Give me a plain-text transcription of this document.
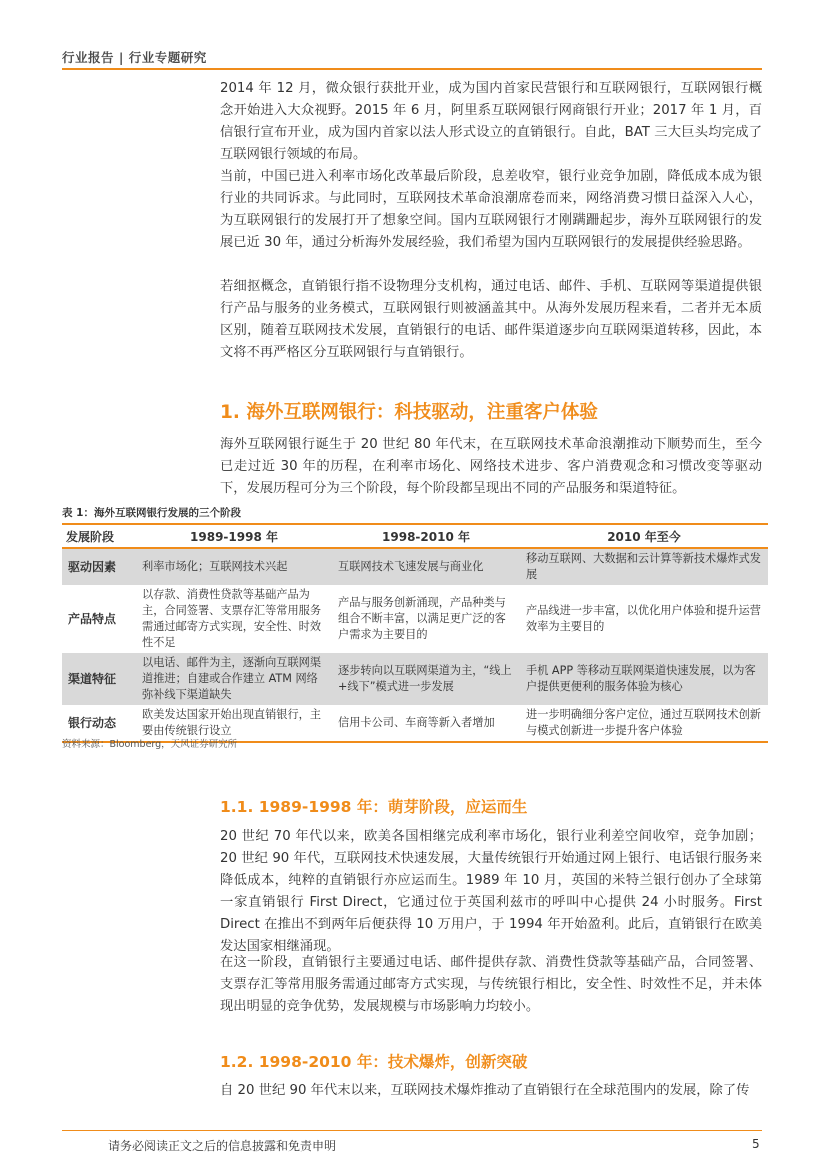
行业报告 | 行业专题研究

2014 年 12 月，微众银行获批开业，成为国内首家民营银行和互联网银行，互联网银行概念开始进入大众视野。2015 年 6 月，阿里系互联网银行网商银行开业；2017 年 1 月，百信银行宣布开业，成为国内首家以法人形式设立的直销银行。自此，BAT 三大巨头均完成了互联网银行领域的布局。

当前，中国已进入利率市场化改革最后阶段，息差收窄，银行业竞争加剧，降低成本成为银行业的共同诉求。与此同时，互联网技术革命浪潮席卷而来，网络消费习惯日益深入人心，为互联网银行的发展打开了想象空间。国内互联网银行才刚蹒跚起步，海外互联网银行的发展已近 30 年，通过分析海外发展经验，我们希望为国内互联网银行的发展提供经验思路。

若细抠概念，直销银行指不设物理分支机构，通过电话、邮件、手机、互联网等渠道提供银行产品与服务的业务模式，互联网银行则被涵盖其中。从海外发展历程来看，二者并无本质区别，随着互联网技术发展，直销银行的电话、邮件渠道逐步向互联网渠道转移，因此，本文将不再严格区分互联网银行与直销银行。

1. 海外互联网银行：科技驱动，注重客户体验

海外互联网银行诞生于 20 世纪 80 年代末，在互联网技术革命浪潮推动下顺势而生，至今已走过近 30 年的历程，在利率市场化、网络技术进步、客户消费观念和习惯改变等驱动下，发展历程可分为三个阶段，每个阶段都呈现出不同的产品服务和渠道特征。

表 1：海外互联网银行发展的三个阶段
发展阶段	1989-1998 年	1998-2010 年	2010 年至今
驱动因素	利率市场化；互联网技术兴起	互联网技术飞速发展与商业化	移动互联网、大数据和云计算等新技术爆炸式发展
产品特点	以存款、消费性贷款等基础产品为主，合同签署、支票存汇等常用服务需通过邮寄方式实现，安全性、时效性不足	产品与服务创新涌现，产品种类与组合不断丰富，以满足更广泛的客户需求为主要目的	产品线进一步丰富，以优化用户体验和提升运营效率为主要目的
渠道特征	以电话、邮件为主，逐渐向互联网渠道推进；自建或合作建立 ATM 网络弥补线下渠道缺失	逐步转向以互联网渠道为主，“线上+线下”模式进一步发展	手机 APP 等移动互联网渠道快速发展，以为客户提供更便利的服务体验为核心
银行动态	欧美发达国家开始出现直销银行，主要由传统银行设立	信用卡公司、车商等新入者增加	进一步明确细分客户定位，通过互联网技术创新与模式创新进一步提升客户体验
资料来源：Bloomberg，天风证券研究所
1.1. 1989-1998 年：萌芽阶段，应运而生

20 世纪 70 年代以来，欧美各国相继完成利率市场化，银行业利差空间收窄，竞争加剧；20 世纪 90 年代，互联网技术快速发展，大量传统银行开始通过网上银行、电话银行服务来降低成本，纯粹的直销银行亦应运而生。1989 年 10 月，英国的米特兰银行创办了全球第一家直销银行 First Direct，它通过位于英国利兹市的呼叫中心提供 24 小时服务。First Direct 在推出不到两年后便获得 10 万用户，于 1994 年开始盈利。此后，直销银行在欧美发达国家相继涌现。

在这一阶段，直销银行主要通过电话、邮件提供存款、消费性贷款等基础产品，合同签署、支票存汇等常用服务需通过邮寄方式实现，与传统银行相比，安全性、时效性不足，并未体现出明显的竞争优势，发展规模与市场影响力均较小。

1.2. 1998-2010 年：技术爆炸，创新突破

自 20 世纪 90 年代末以来，互联网技术爆炸推动了直销银行在全球范围内的发展，除了传

请务必阅读正文之后的信息披露和免责申明	5
